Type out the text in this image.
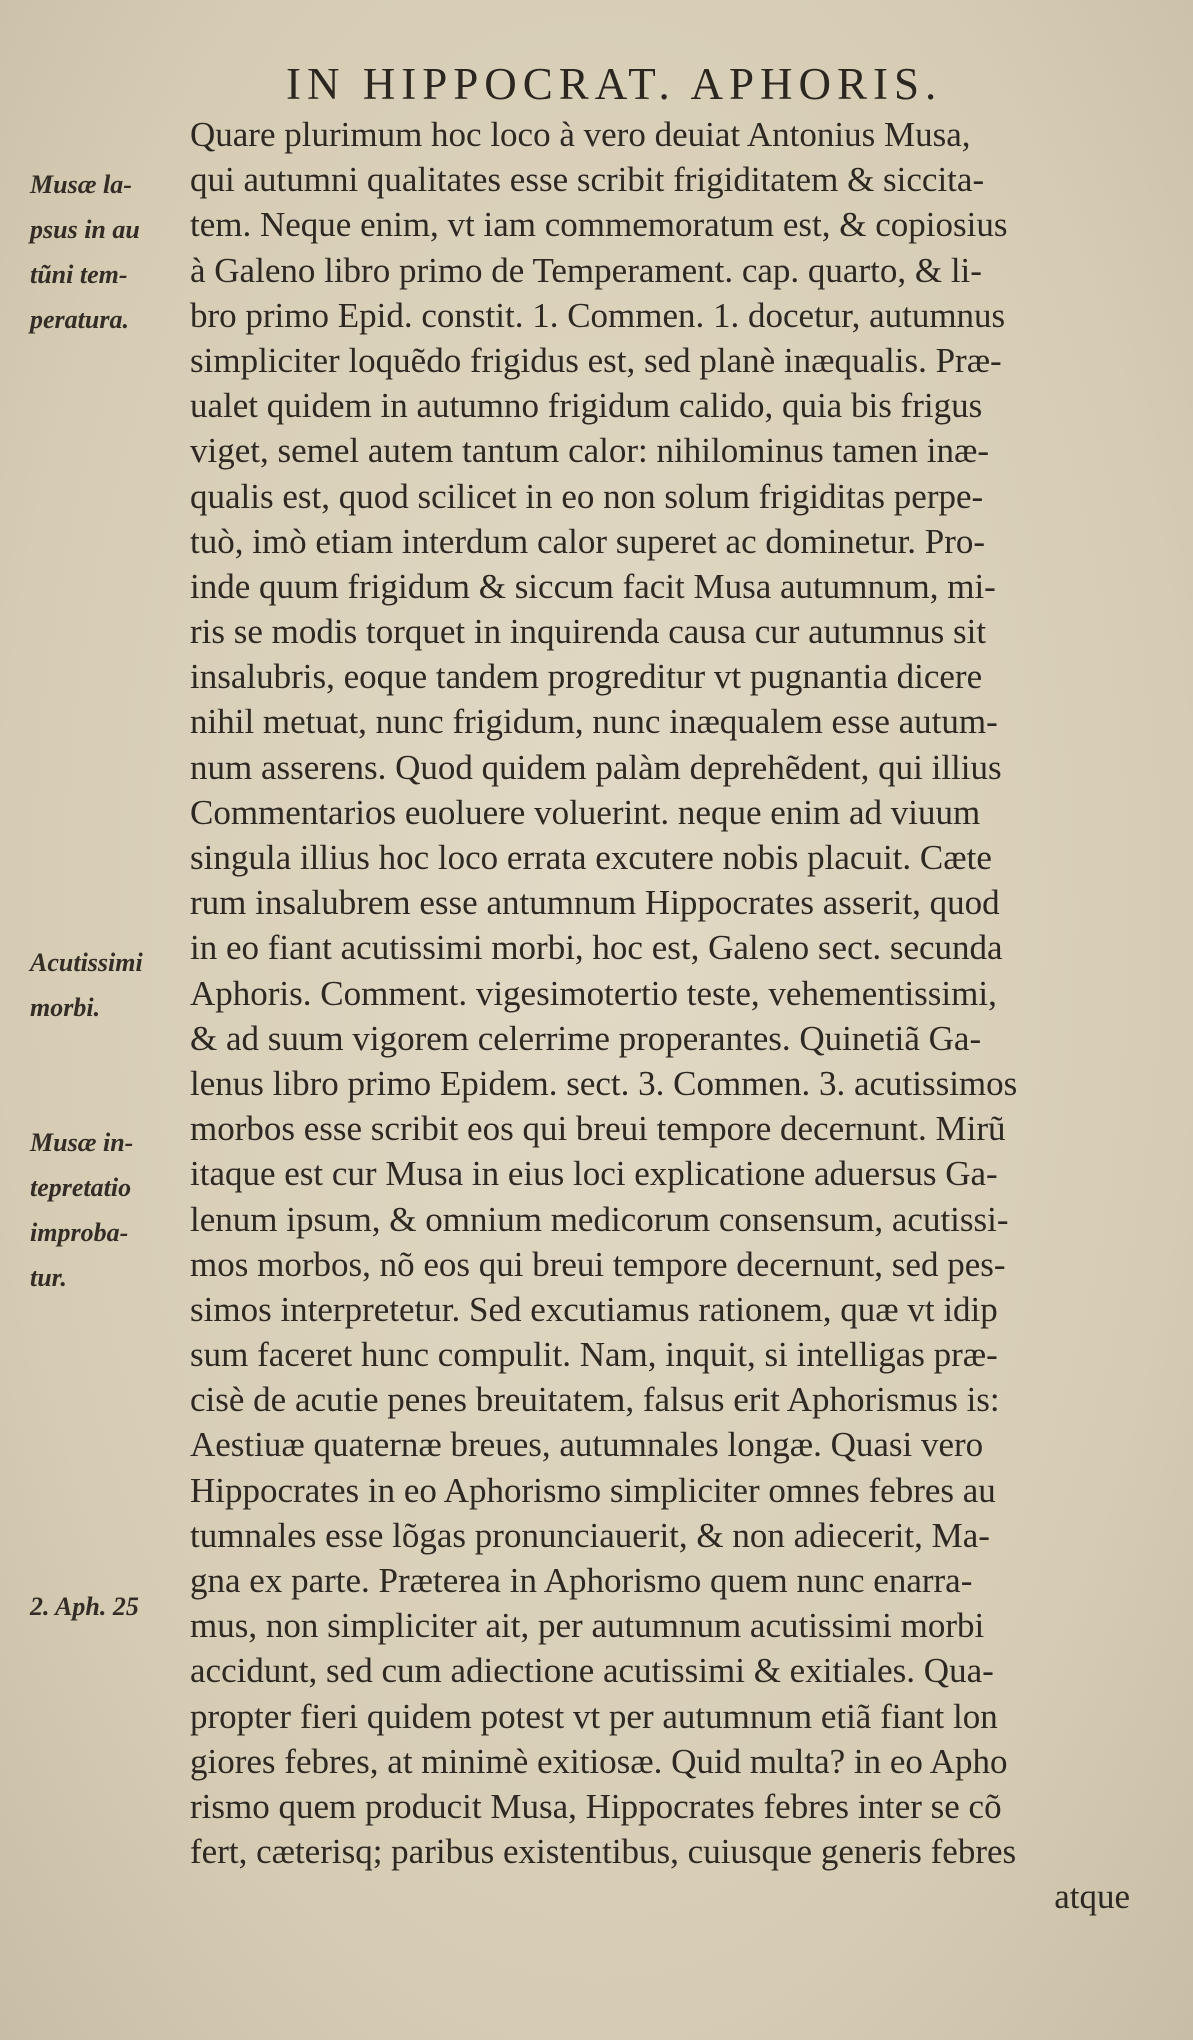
IN HIPPOCRAT. APHORIS.
Musæ la-
psus in au
tũni tem-
peratura.
Acutissimi
morbi.
Musæ in-
tepretatio
improba-
tur.
2. Aph. 25
Quare plurimum hoc loco à vero deuiat Antonius Musa,
qui autumni qualitates esse scribit frigiditatem & siccita-
tem. Neque enim, vt iam commemoratum est, & copiosius
à Galeno libro primo de Temperament. cap. quarto, & li-
bro primo Epid. constit. 1. Commen. 1. docetur, autumnus
simpliciter loquẽdo frigidus est, sed planè inæqualis. Præ-
ualet quidem in autumno frigidum calido, quia bis frigus
viget, semel autem tantum calor: nihilominus tamen inæ-
qualis est, quod scilicet in eo non solum frigiditas perpe-
tuò, imò etiam interdum calor superet ac dominetur. Pro-
inde quum frigidum & siccum facit Musa autumnum, mi-
ris se modis torquet in inquirenda causa cur autumnus sit
insalubris, eoque tandem progreditur vt pugnantia dicere
nihil metuat, nunc frigidum, nunc inæqualem esse autum-
num asserens. Quod quidem palàm deprehẽdent, qui illius
Commentarios euoluere voluerint. neque enim ad viuum
singula illius hoc loco errata excutere nobis placuit. Cæte
rum insalubrem esse antumnum Hippocrates asserit, quod
in eo fiant acutissimi morbi, hoc est, Galeno sect. secunda
Aphoris. Comment. vigesimotertio teste, vehementissimi,
& ad suum vigorem celerrime properantes. Quinetiã Ga-
lenus libro primo Epidem. sect. 3. Commen. 3. acutissimos
morbos esse scribit eos qui breui tempore decernunt. Mirũ
itaque est cur Musa in eius loci explicatione aduersus Ga-
lenum ipsum, & omnium medicorum consensum, acutissi-
mos morbos, nõ eos qui breui tempore decernunt, sed pes-
simos interpretetur. Sed excutiamus rationem, quæ vt idip
sum faceret hunc compulit. Nam, inquit, si intelligas præ-
cisè de acutie penes breuitatem, falsus erit Aphorismus is:
Aestiuæ quaternæ breues, autumnales longæ. Quasi vero
Hippocrates in eo Aphorismo simpliciter omnes febres au
tumnales esse lõgas pronunciauerit, & non adiecerit, Ma-
gna ex parte. Præterea in Aphorismo quem nunc enarra-
mus, non simpliciter ait, per autumnum acutissimi morbi
accidunt, sed cum adiectione acutissimi & exitiales. Qua-
propter fieri quidem potest vt per autumnum etiã fiant lon
giores febres, at minimè exitiosæ. Quid multa? in eo Apho
rismo quem producit Musa, Hippocrates febres inter se cõ
fert, cæterisq; paribus existentibus, cuiusque generis febres
atque
